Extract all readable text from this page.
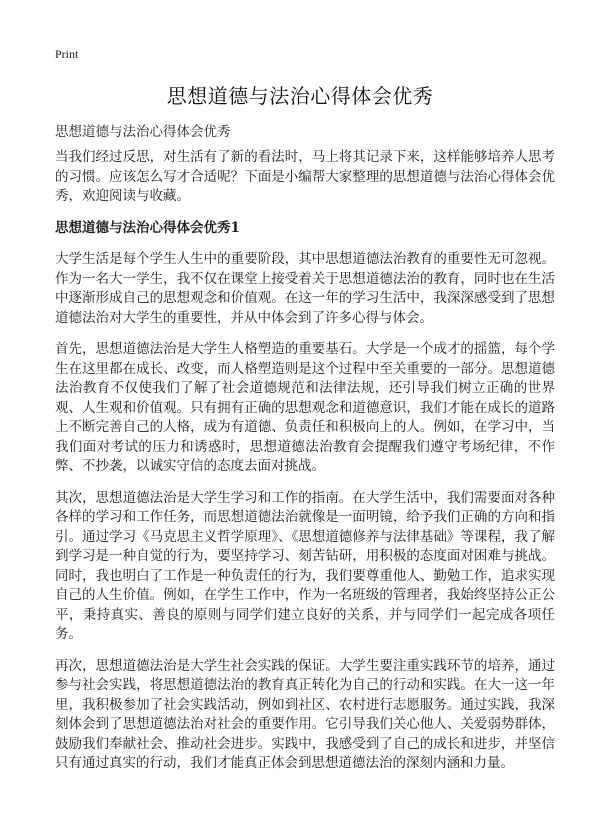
Print
思想道德与法治心得体会优秀
思想道德与法治心得体会优秀

当我们经过反思，对生活有了新的看法时，马上将其记录下来，这样能够培养人思考的习惯。应该怎么写才合适呢？下面是小编帮大家整理的思想道德与法治心得体会优秀，欢迎阅读与收藏。

思想道德与法治心得体会优秀1

大学生活是每个学生人生中的重要阶段，其中思想道德法治教育的重要性无可忽视。作为一名大一学生，我不仅在课堂上接受着关于思想道德法治的教育，同时也在生活中逐渐形成自己的思想观念和价值观。在这一年的学习生活中，我深深感受到了思想道德法治对大学生的重要性，并从中体会到了许多心得与体会。

首先，思想道德法治是大学生人格塑造的重要基石。大学是一个成才的摇篮，每个学生在这里都在成长、改变，而人格塑造则是这个过程中至关重要的一部分。思想道德法治教育不仅使我们了解了社会道德规范和法律法规，还引导我们树立正确的世界观、人生观和价值观。只有拥有正确的思想观念和道德意识，我们才能在成长的道路上不断完善自己的人格，成为有道德、负责任和积极向上的人。例如，在学习中，当我们面对考试的压力和诱惑时，思想道德法治教育会提醒我们遵守考场纪律，不作弊、不抄袭，以诚实守信的态度去面对挑战。

其次，思想道德法治是大学生学习和工作的指南。在大学生活中，我们需要面对各种各样的学习和工作任务，而思想道德法治就像是一面明镜，给予我们正确的方向和指引。通过学习《马克思主义哲学原理》、《思想道德修养与法律基础》等课程，我了解到学习是一种自觉的行为，要坚持学习、刻苦钻研，用积极的态度面对困难与挑战。同时，我也明白了工作是一种负责任的行为，我们要尊重他人、勤勉工作，追求实现自己的人生价值。例如，在学生工作中，作为一名班级的管理者，我始终坚持公正公平，秉持真实、善良的原则与同学们建立良好的关系，并与同学们一起完成各项任务。

再次，思想道德法治是大学生社会实践的保证。大学生要注重实践环节的培养，通过参与社会实践，将思想道德法治的教育真正转化为自己的行动和实践。在大一这一年里，我积极参加了社会实践活动，例如到社区、农村进行志愿服务。通过实践，我深刻体会到了思想道德法治对社会的重要作用。它引导我们关心他人、关爱弱势群体，鼓励我们奉献社会、推动社会进步。实践中，我感受到了自己的成长和进步，并坚信只有通过真实的行动，我们才能真正体会到思想道德法治的深刻内涵和力量。
